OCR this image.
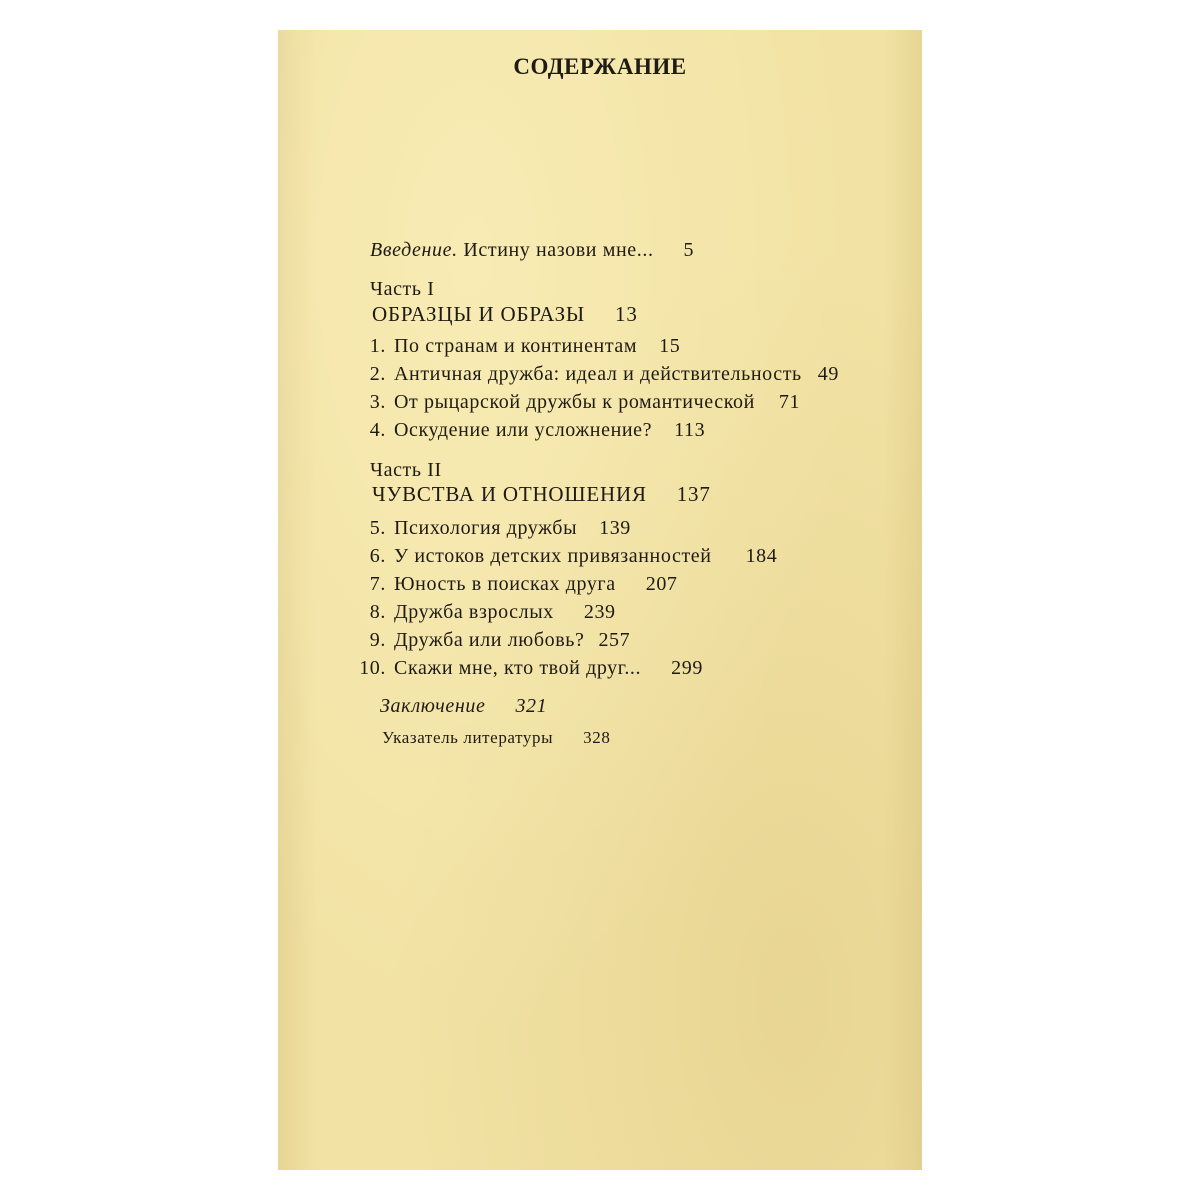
СОДЕРЖАНИЕ
Введение. Истину назови мне... 5
Часть I
ОБРАЗЦЫ И ОБРАЗЫ 13
1. По странам и континентам 15
2. Античная дружба: идеал и действительность 49
3. От рыцарской дружбы к романтической 71
4. Оскудение или усложнение? 113
Часть II
ЧУВСТВА И ОТНОШЕНИЯ 137
5. Психология дружбы 139
6. У истоков детских привязанностей 184
7. Юность в поисках друга 207
8. Дружба взрослых 239
9. Дружба или любовь? 257
10. Скажи мне, кто твой друг... 299
Заключение 321
Указатель литературы 328
